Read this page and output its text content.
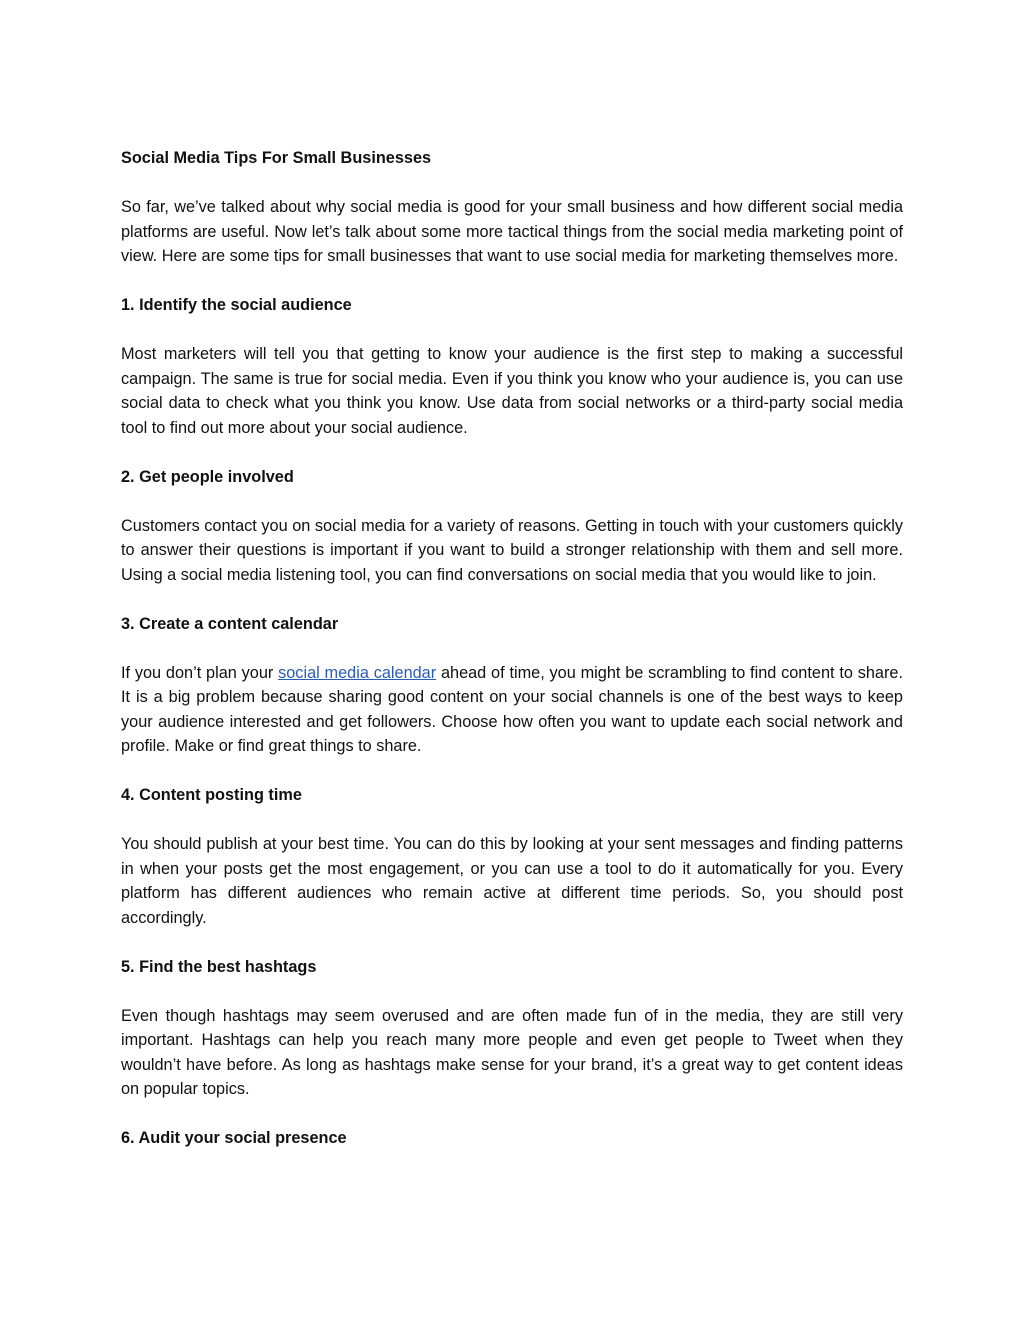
Social Media Tips For Small Businesses

So far, we’ve talked about why social media is good for your small business and how different social media platforms are useful. Now let’s talk about some more tactical things from the social media marketing point of view. Here are some tips for small businesses that want to use social media for marketing themselves more.

1. Identify the social audience

Most marketers will tell you that getting to know your audience is the first step to making a successful campaign. The same is true for social media. Even if you think you know who your audience is, you can use social data to check what you think you know. Use data from social networks or a third-party social media tool to find out more about your social audience.

2. Get people involved

Customers contact you on social media for a variety of reasons. Getting in touch with your customers quickly to answer their questions is important if you want to build a stronger relationship with them and sell more. Using a social media listening tool, you can find conversations on social media that you would like to join.

3. Create a content calendar

If you don’t plan your social media calendar ahead of time, you might be scrambling to find content to share. It is a big problem because sharing good content on your social channels is one of the best ways to keep your audience interested and get followers. Choose how often you want to update each social network and profile. Make or find great things to share.

4. Content posting time

You should publish at your best time. You can do this by looking at your sent messages and finding patterns in when your posts get the most engagement, or you can use a tool to do it automatically for you. Every platform has different audiences who remain active at different time periods. So, you should post accordingly.

5. Find the best hashtags

Even though hashtags may seem overused and are often made fun of in the media, they are still very important. Hashtags can help you reach many more people and even get people to Tweet when they wouldn’t have before. As long as hashtags make sense for your brand, it’s a great way to get content ideas on popular topics.

6. Audit your social presence
